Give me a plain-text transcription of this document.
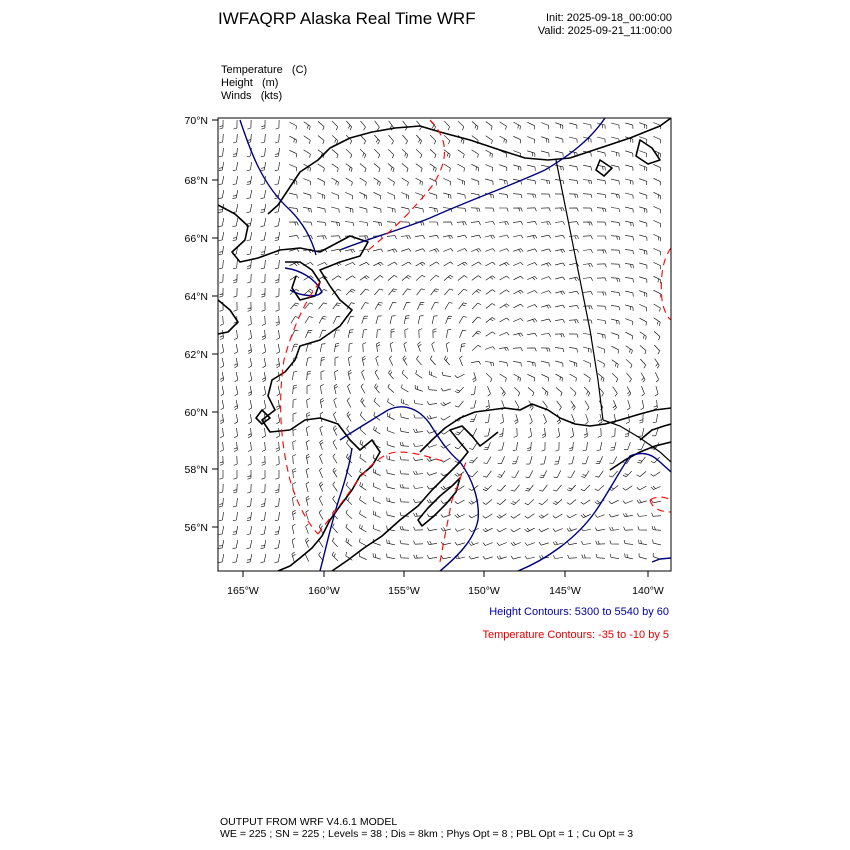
IWFAQRP Alaska Real Time WRF	Init: 2025-09-18_00:00:00
Valid: 2025-09-21_11:00:00
Temperature   (C)
Height   (m)
Winds   (kts)
70°N
68°N
66°N
64°N
62°N
60°N
58°N
56°N
165°W	160°W	155°W	150°W	145°W	140°W
Height Contours: 5300 to 5540 by 60
Temperature Contours: -35 to -10 by 5
OUTPUT FROM WRF V4.6.1 MODEL
WE = 225 ; SN = 225 ; Levels = 38 ; Dis = 8km ; Phys Opt = 8 ; PBL Opt = 1 ; Cu Opt = 3
